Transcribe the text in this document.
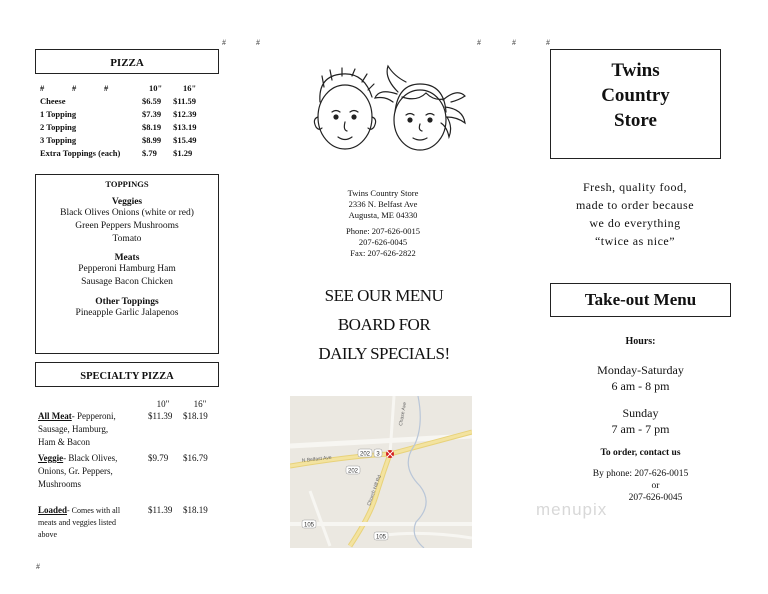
#	#	#	#	#
#
PIZZA
#	#	#	10"	16"
Cheese			$6.59	$11.59
1 Topping			$7.39	$12.39
2 Topping			$8.19	$13.19
3 Topping			$8.99	$15.49
Extra Toppings (each)			$.79	$1.29
TOPPINGS
Veggies
Black Olives Onions (white or red)
Green Peppers Mushrooms
Tomato
Meats
Pepperoni Hamburg Ham
Sausage Bacon Chicken
Other Toppings
Pineapple Garlic Jalapenos
SPECIALTY PIZZA
10"	16"
All Meat- Pepperoni,
Sausage, Hamburg,
Ham & Bacon
$11.39 $18.19
Veggie- Black Olives,
Onions, Gr. Peppers,
Mushrooms
$9.79 $16.79
Loaded- Comes with all
meats and veggies listed
above
$11.39 $18.19
Twins Country Store
2336 N. Belfast Ave
Augusta, ME 04330
Phone: 207-626-0015
207-626-0045
Fax: 207-626-2822
SEE OUR MENU
BOARD FOR
DAILY SPECIALS!
202 3
202
105
105
N Belfast Ave
Church Hill Rd
Chase Ave
Twins
Country
Store
Fresh, quality food,
made to order because
we do everything
“twice as nice”
Take-out Menu
Hours:
Monday-Saturday
6 am - 8 pm
Sunday
7 am - 7 pm
To order, contact us
By phone: 207-626-0015
or
207-626-0045
menupix
